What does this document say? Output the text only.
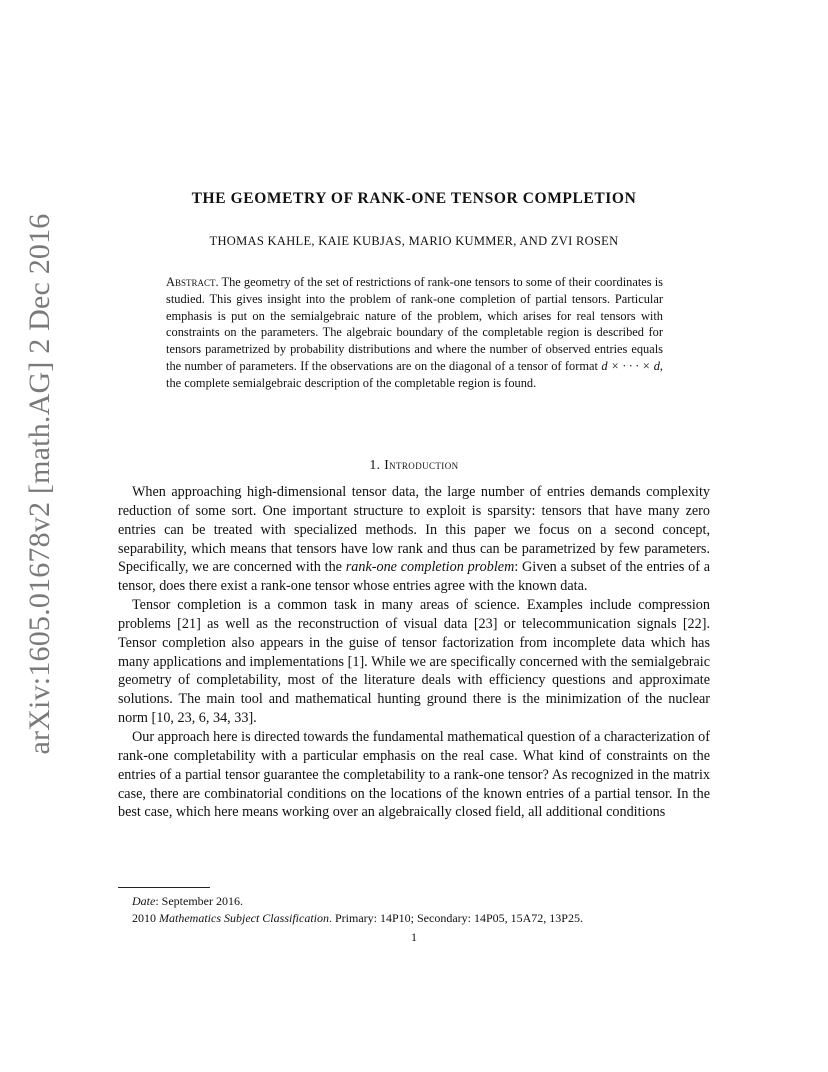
arXiv:1605.01678v2 [math.AG] 2 Dec 2016
THE GEOMETRY OF RANK-ONE TENSOR COMPLETION
THOMAS KAHLE, KAIE KUBJAS, MARIO KUMMER, AND ZVI ROSEN
Abstract. The geometry of the set of restrictions of rank-one tensors to some of their coordinates is studied. This gives insight into the problem of rank-one completion of partial tensors. Particular emphasis is put on the semialgebraic nature of the problem, which arises for real tensors with constraints on the parameters. The algebraic boundary of the completable region is described for tensors parametrized by probability distributions and where the number of observed entries equals the number of parameters. If the observations are on the diagonal of a tensor of format d × · · · × d, the complete semialgebraic description of the completable region is found.
1. Introduction

When approaching high-dimensional tensor data, the large number of entries demands complexity reduction of some sort. One important structure to exploit is sparsity: tensors that have many zero entries can be treated with specialized methods. In this paper we focus on a second concept, separability, which means that tensors have low rank and thus can be parametrized by few parameters. Specifically, we are concerned with the rank-one completion problem: Given a subset of the entries of a tensor, does there exist a rank-one tensor whose entries agree with the known data.

Tensor completion is a common task in many areas of science. Examples include compression problems [21] as well as the reconstruction of visual data [23] or telecommunication signals [22]. Tensor completion also appears in the guise of tensor factorization from incomplete data which has many applications and implementations [1]. While we are specifically concerned with the semialgebraic geometry of completability, most of the literature deals with efficiency questions and approximate solutions. The main tool and mathematical hunting ground there is the minimization of the nuclear norm [10, 23, 6, 34, 33].

Our approach here is directed towards the fundamental mathematical question of a characterization of rank-one completability with a particular emphasis on the real case. What kind of constraints on the entries of a partial tensor guarantee the completability to a rank-one tensor? As recognized in the matrix case, there are combinatorial conditions on the locations of the known entries of a partial tensor. In the best case, which here means working over an algebraically closed field, all additional conditions

Date: September 2016.
2010 Mathematics Subject Classification. Primary: 14P10; Secondary: 14P05, 15A72, 13P25.
1
